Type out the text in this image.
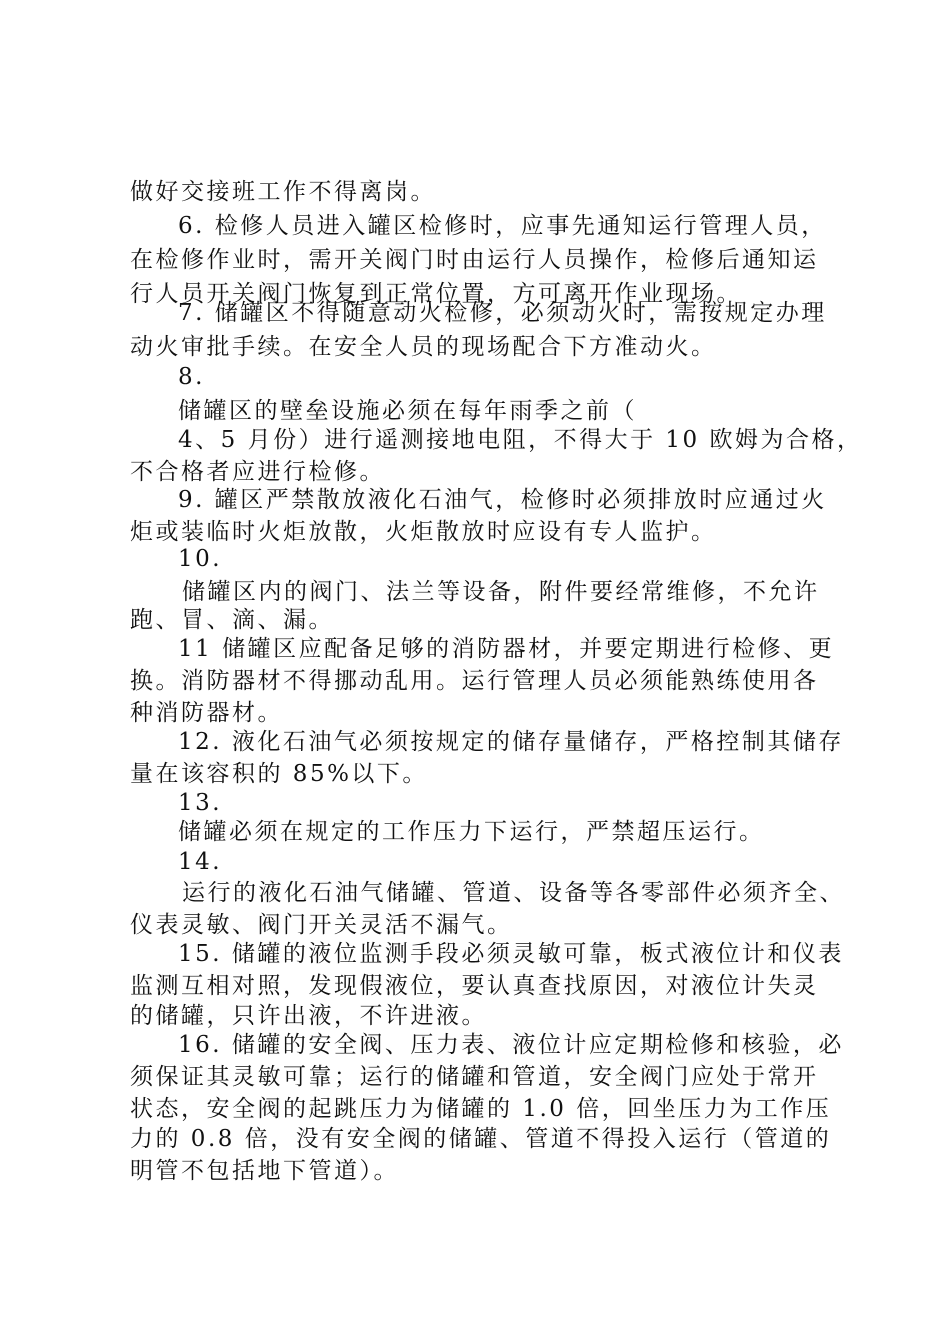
做好交接班工作不得离岗。
6. 检修人员进入罐区检修时，应事先通知运行管理人员，
在检修作业时，需开关阀门时由运行人员操作，检修后通知运
行人员开关阀门恢复到正常位置，方可离开作业现场。
7. 储罐区不得随意动火检修，必须动火时，需按规定办理
动火审批手续。在安全人员的现场配合下方准动火。
8.
储罐区的壁垒设施必须在每年雨季之前（
4、5 月份）进行遥测接地电阻，不得大于 10 欧姆为合格，
不合格者应进行检修。
9. 罐区严禁散放液化石油气，检修时必须排放时应通过火
炬或装临时火炬放散，火炬散放时应设有专人监护。
10.
储罐区内的阀门、法兰等设备，附件要经常维修，不允许
跑、冒、滴、漏。
11 储罐区应配备足够的消防器材，并要定期进行检修、更
换。消防器材不得挪动乱用。运行管理人员必须能熟练使用各
种消防器材。
12. 液化石油气必须按规定的储存量储存，严格控制其储存
量在该容积的 85%以下。
13.
储罐必须在规定的工作压力下运行，严禁超压运行。
14.
运行的液化石油气储罐、管道、设备等各零部件必须齐全、
仪表灵敏、阀门开关灵活不漏气。
15. 储罐的液位监测手段必须灵敏可靠，板式液位计和仪表
监测互相对照，发现假液位，要认真查找原因，对液位计失灵
的储罐，只许出液，不许进液。
16. 储罐的安全阀、压力表、液位计应定期检修和核验，必
须保证其灵敏可靠；运行的储罐和管道，安全阀门应处于常开
状态，安全阀的起跳压力为储罐的 1.0 倍，回坐压力为工作压
力的 0.8 倍，没有安全阀的储罐、管道不得投入运行（管道的
明管不包括地下管道）。
